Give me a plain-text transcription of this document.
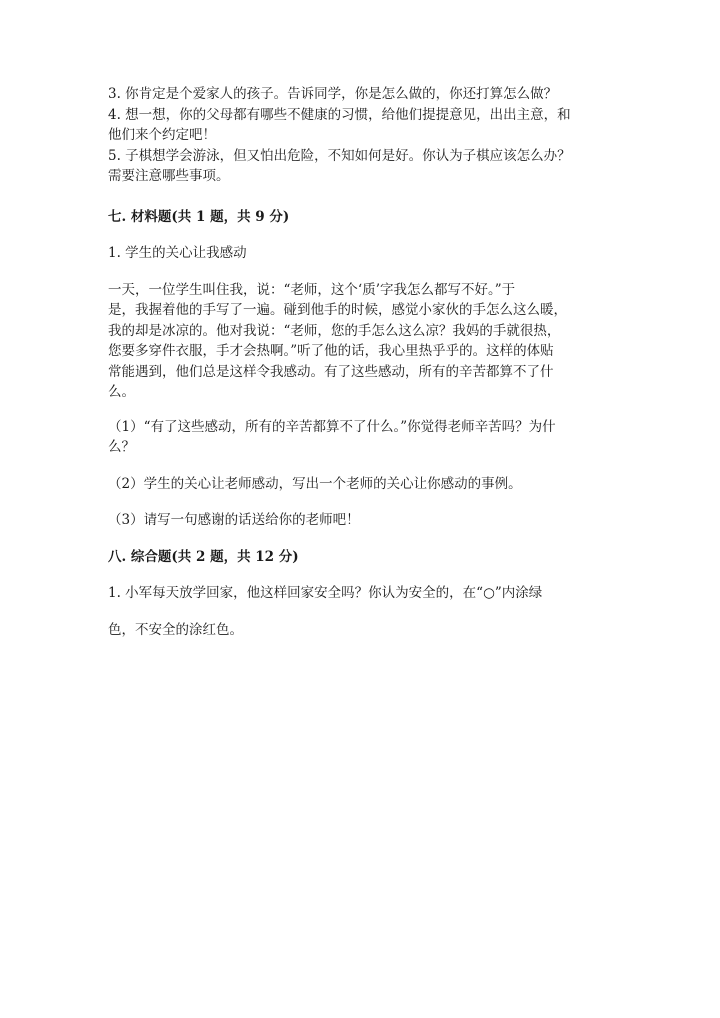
3. 你肯定是个爱家人的孩子。告诉同学，你是怎么做的，你还打算怎么做？
4. 想一想，你的父母都有哪些不健康的习惯，给他们提提意见，出出主意，和
他们来个约定吧！
5. 子棋想学会游泳，但又怕出危险，不知如何是好。你认为子棋应该怎么办？
需要注意哪些事项。
七. 材料题(共 1 题，共 9 分)
1. 学生的关心让我感动
一天，一位学生叫住我，说：“老师，这个‘质’字我怎么都写不好。”于
是，我握着他的手写了一遍。碰到他手的时候，感觉小家伙的手怎么这么暖，
我的却是冰凉的。他对我说：“老师，您的手怎么这么凉？我妈的手就很热，
您要多穿件衣服，手才会热啊。”听了他的话，我心里热乎乎的。这样的体贴
常能遇到，他们总是这样令我感动。有了这些感动，所有的辛苦都算不了什
么。
（1）“有了这些感动，所有的辛苦都算不了什么。”你觉得老师辛苦吗？为什
么？
（2）学生的关心让老师感动，写出一个老师的关心让你感动的事例。
（3）请写一句感谢的话送给你的老师吧！
八. 综合题(共 2 题，共 12 分)
1. 小军每天放学回家，他这样回家安全吗？你认为安全的，在“○”内涂绿
色，不安全的涂红色。
